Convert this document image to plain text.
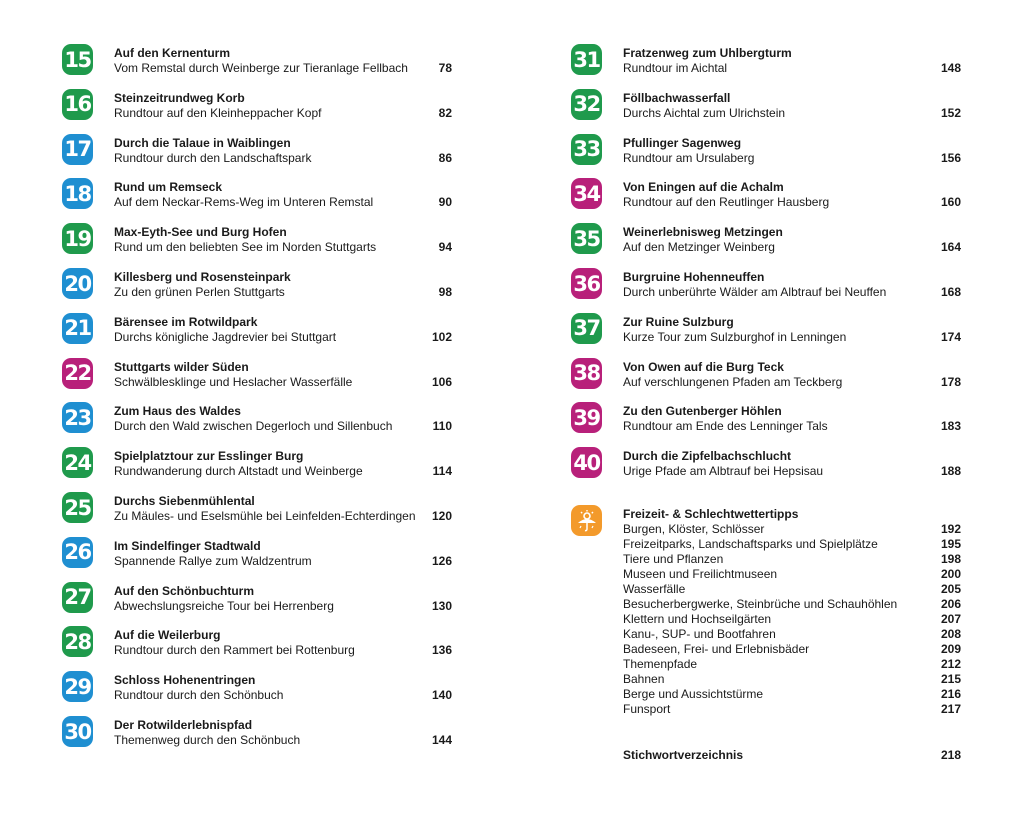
15 Auf den Kernenturm
Vom Remstal durch Weinberge zur Tieranlage Fellbach	78
16 Steinzeitrundweg Korb
Rundtour auf den Kleinheppacher Kopf	82
17 Durch die Talaue in Waiblingen
Rundtour durch den Landschaftspark	86
18 Rund um Remseck
Auf dem Neckar-Rems-Weg im Unteren Remstal	90
19 Max-Eyth-See und Burg Hofen
Rund um den beliebten See im Norden Stuttgarts	94
20 Killesberg und Rosensteinpark
Zu den grünen Perlen Stuttgarts	98
21 Bärensee im Rotwildpark
Durchs königliche Jagdrevier bei Stuttgart	102
22 Stuttgarts wilder Süden
Schwälblesklinge und Heslacher Wasserfälle	106
23 Zum Haus des Waldes
Durch den Wald zwischen Degerloch und Sillenbuch	110
24 Spielplatztour zur Esslinger Burg
Rundwanderung durch Altstadt und Weinberge	114
25 Durchs Siebenmühlental
Zu Mäules- und Eselsmühle bei Leinfelden-Echterdingen 120
26 Im Sindelfinger Stadtwald
Spannende Rallye zum Waldzentrum	126
27 Auf den Schönbuchturm
Abwechslungsreiche Tour bei Herrenberg	130
28 Auf die Weilerburg
Rundtour durch den Rammert bei Rottenburg	136
29 Schloss Hohenentringen
Rundtour durch den Schönbuch	140
30 Der Rotwilderlebnispfad
Themenweg durch den Schönbuch	144
Freizeit- & Schlechtwettertipps
Burgen, Klöster, Schlösser	192
Freizeitparks, Landschaftsparks und Spielplätze	195
Tiere und Pflanzen	198
Museen und Freilichtmuseen	200
Wasserfälle	205
Besucherbergwerke, Steinbrüche und Schauhöhlen	206
Klettern und Hochseilgärten	207
Kanu-, SUP- und Bootfahren	208
Badeseen, Frei- und Erlebnisbäder	209
Themenpfade	212
Bahnen	215
Berge und Aussichtstürme	216
Funsport	217
Stichwortverzeichnis	218
31 Fratzenweg zum Uhlbergturm
Rundtour im Aichtal	148
32 Föllbachwasserfall
Durchs Aichtal zum Ulrichstein	152
33 Pfullinger Sagenweg
Rundtour am Ursulaberg	156
34 Von Eningen auf die Achalm
Rundtour auf den Reutlinger Hausberg	160
35 Weinerlebnisweg Metzingen
Auf den Metzinger Weinberg	164
36 Burgruine Hohenneuffen
Durch unberührte Wälder am Albtrauf bei Neuffen	168
37 Zur Ruine Sulzburg
Kurze Tour zum Sulzburghof in Lenningen	174
38 Von Owen auf die Burg Teck
Auf verschlungenen Pfaden am Teckberg	178
39 Zu den Gutenberger Höhlen
Rundtour am Ende des Lenninger Tals	183
40 Durch die Zipfelbachschlucht
Urige Pfade am Albtrauf bei Hepsisau	188
